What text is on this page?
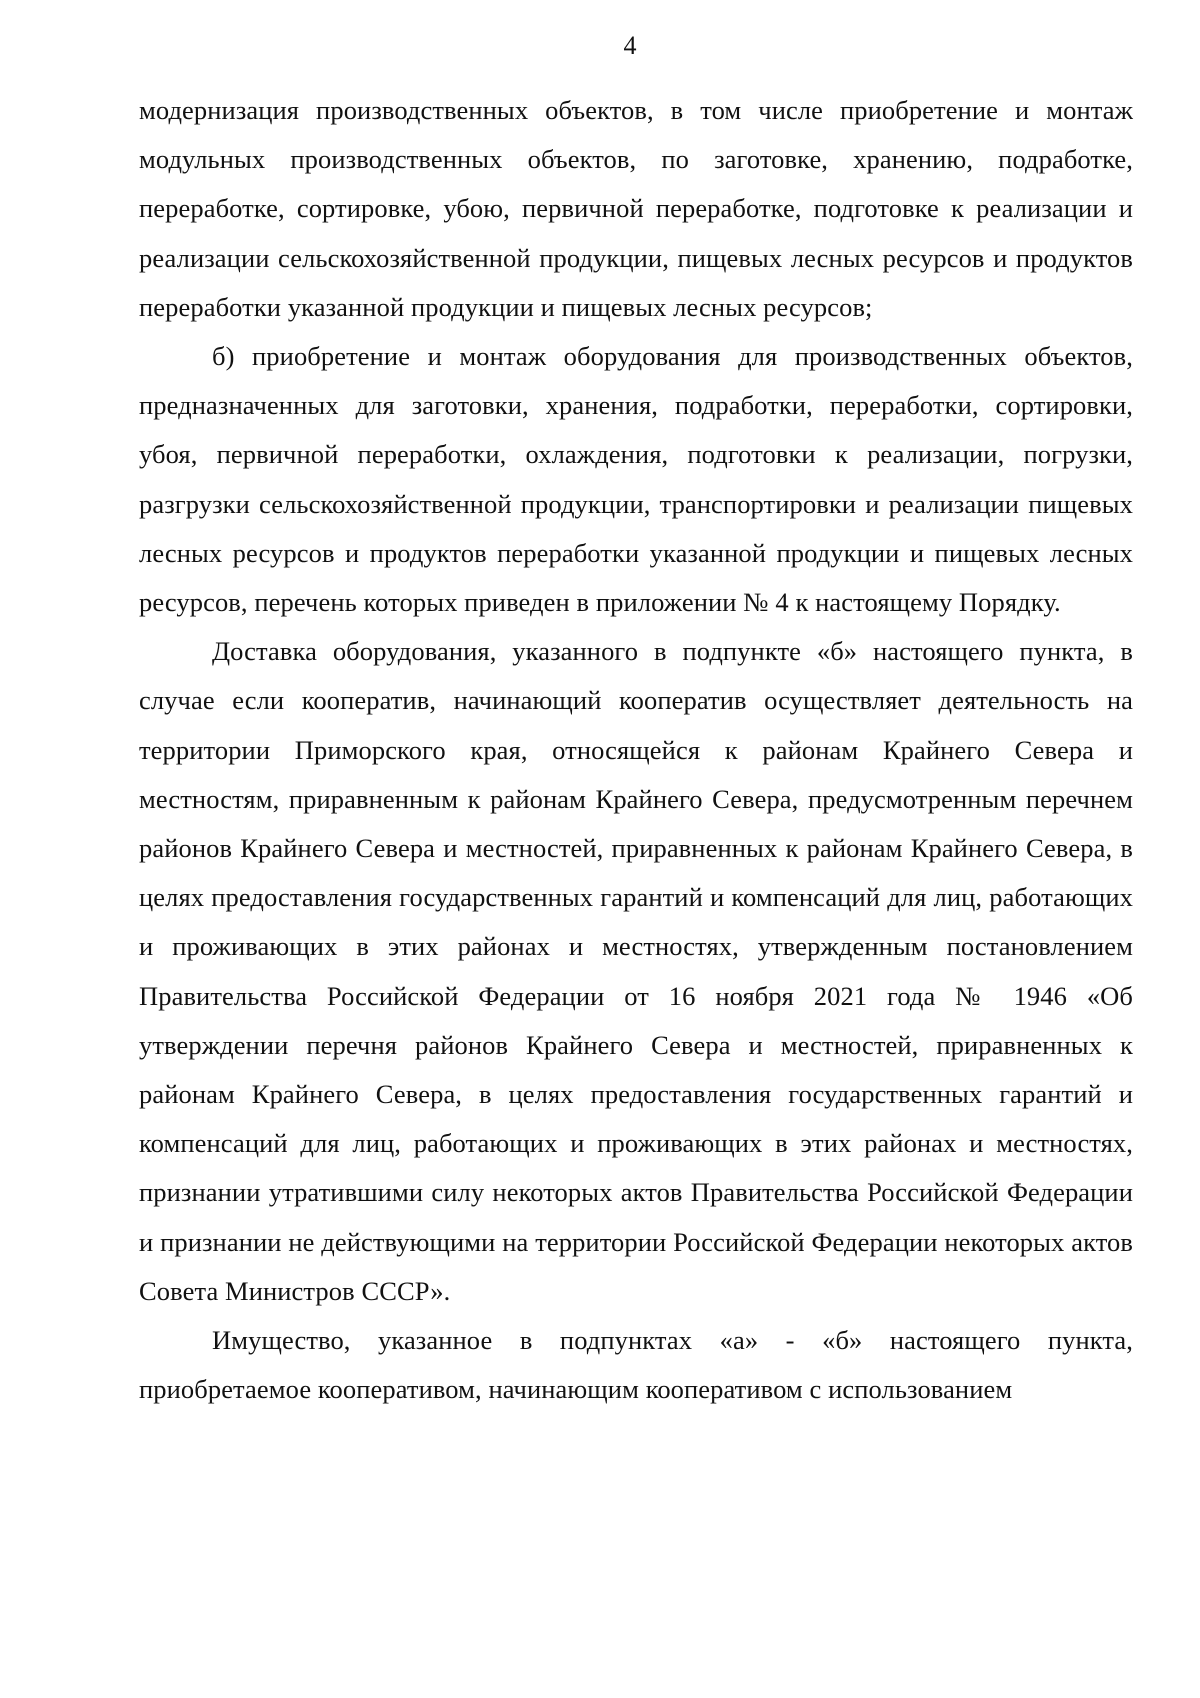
4

модернизация производственных объектов, в том числе приобретение и монтаж модульных производственных объектов, по заготовке, хранению, подработке, переработке, сортировке, убою, первичной переработке, подготовке к реализации и реализации сельскохозяйственной продукции, пищевых лесных ресурсов и продуктов переработки указанной продукции и пищевых лесных ресурсов;

б) приобретение и монтаж оборудования для производственных объектов, предназначенных для заготовки, хранения, подработки, переработки, сортировки, убоя, первичной переработки, охлаждения, подготовки к реализации, погрузки, разгрузки сельскохозяйственной продукции, транспортировки и реализации пищевых лесных ресурсов и продуктов переработки указанной продукции и пищевых лесных ресурсов, перечень которых приведен в приложении № 4 к настоящему Порядку.

Доставка оборудования, указанного в подпункте «б» настоящего пункта, в случае если кооператив, начинающий кооператив осуществляет деятельность на территории Приморского края, относящейся к районам Крайнего Севера и местностям, приравненным к районам Крайнего Севера, предусмотренным перечнем районов Крайнего Севера и местностей, приравненных к районам Крайнего Севера, в целях предоставления государственных гарантий и компенсаций для лиц, работающих и проживающих в этих районах и местностях, утвержденным постановлением Правительства Российской Федерации от 16 ноября 2021 года № 1946 «Об утверждении перечня районов Крайнего Севера и местностей, приравненных к районам Крайнего Севера, в целях предоставления государственных гарантий и компенсаций для лиц, работающих и проживающих в этих районах и местностях, признании утратившими силу некоторых актов Правительства Российской Федерации и признании не действующими на территории Российской Федерации некоторых актов Совета Министров СССР».

Имущество, указанное в подпунктах «а» - «б» настоящего пункта, приобретаемое кооперативом, начинающим кооперативом с использованием
